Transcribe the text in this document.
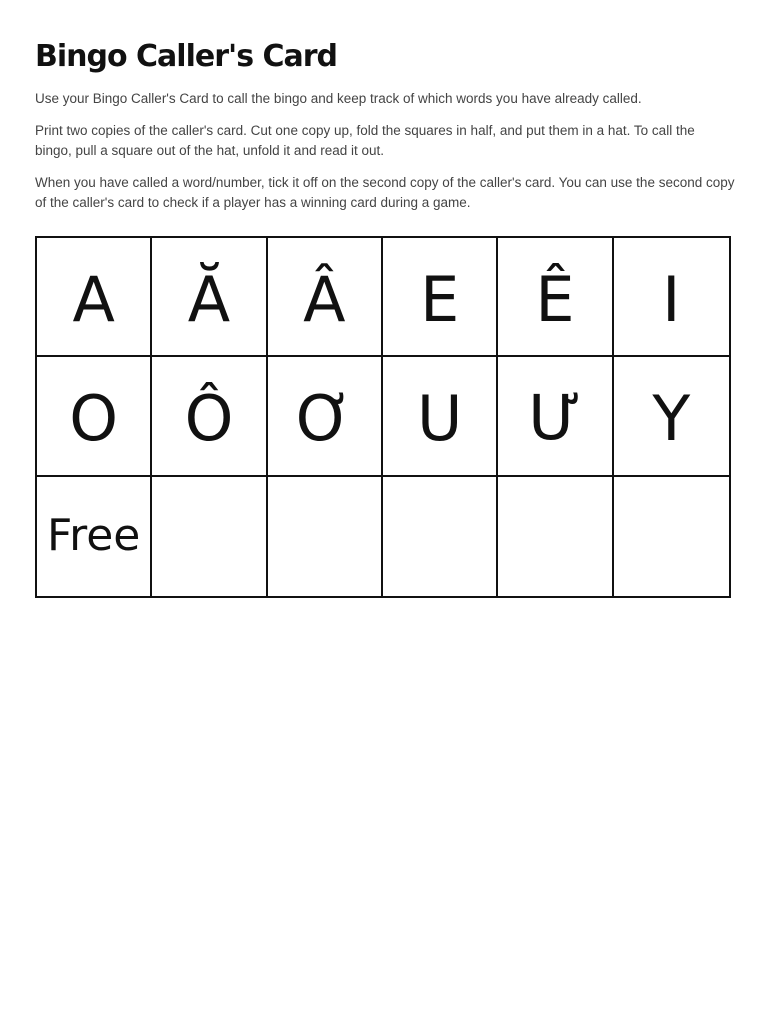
Bingo Caller's Card

Use your Bingo Caller's Card to call the bingo and keep track of which words you have already called.

Print two copies of the caller's card. Cut one copy up, fold the squares in half, and put them in a hat. To call the bingo, pull a square out of the hat, unfold it and read it out.

When you have called a word/number, tick it off on the second copy of the caller's card. You can use the second copy of the caller's card to check if a player has a winning card during a game.

A	Ă	Â	E	Ê	I
O	Ô	Ơ	U	Ư	Y
Free
